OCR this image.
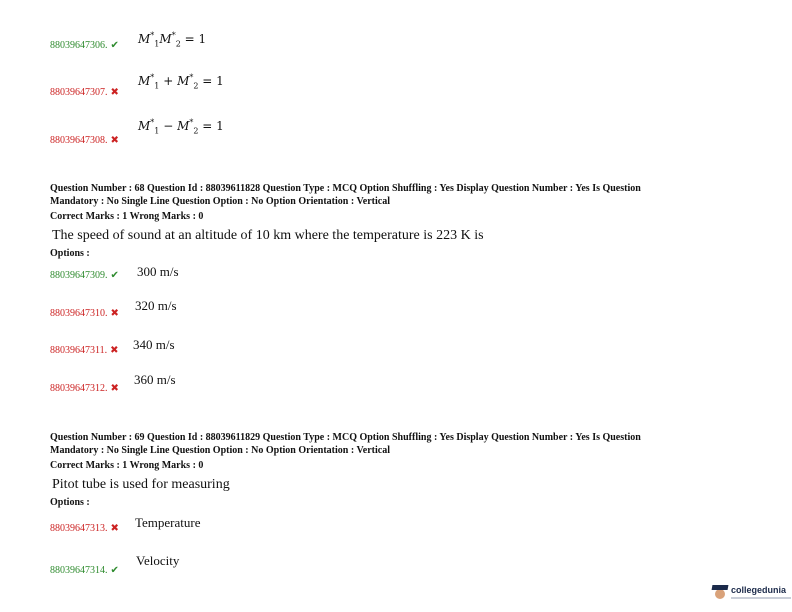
88039647306. ✔ $M^*_1M^*_2 = 1$
88039647307. ✖
$M^*_1 + M^*_2 = 1$
88039647308. ✖
$M^*_1 - M^*_2 = 1$
Question Number : 68 Question Id : 88039611828 Question Type : MCQ Option Shuffling : Yes Display Question Number : Yes Is Question
Mandatory : No Single Line Question Option : No Option Orientation : Vertical
Correct Marks : 1 Wrong Marks : 0
The speed of sound at an altitude of 10 km where the temperature is 223 K is
Options :
88039647309. ✔ 300 m/s
88039647310. ✖
320 m/s
88039647311. ✖ 340 m/s
88039647312. ✖
360 m/s
Question Number : 69 Question Id : 88039611829 Question Type : MCQ Option Shuffling : Yes Display Question Number : Yes Is Question
Mandatory : No Single Line Question Option : No Option Orientation : Vertical
Correct Marks : 1 Wrong Marks : 0
Pitot tube is used for measuring
Options :
88039647313. ✖ Temperature
88039647314. ✔
Velocity
collegedunia
